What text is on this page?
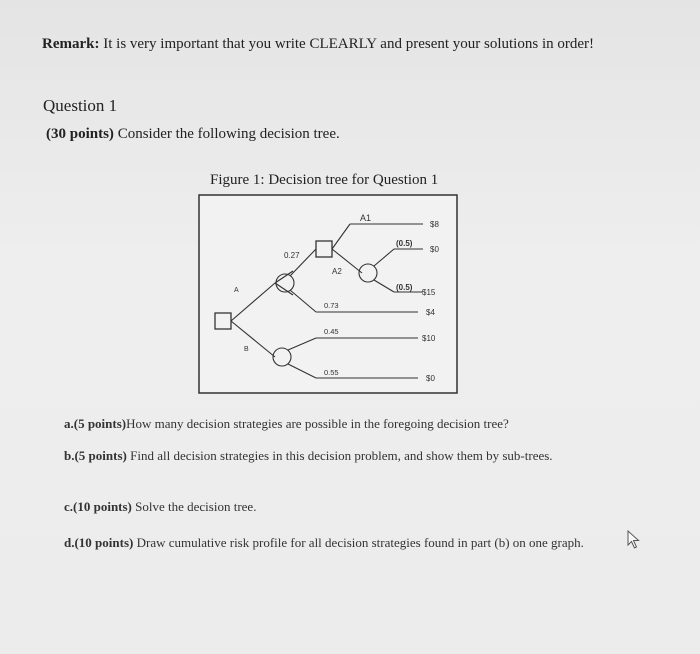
Remark: It is very important that you write CLEARLY and present your solutions in order!
Question 1
(30 points) Consider the following decision tree.
Figure 1: Decision tree for Question 1
A1
A2
A
B
0.27
0.73
0.45
0.55
(0.5)
(0.5)
$8
$0
$15
$4
$10
$0
a.(5 points)How many decision strategies are possible in the foregoing decision tree?
b.(5 points) Find all decision strategies in this decision problem, and show them by sub-trees.
c.(10 points) Solve the decision tree.
d.(10 points) Draw cumulative risk profile for all decision strategies found in part (b) on one graph.
